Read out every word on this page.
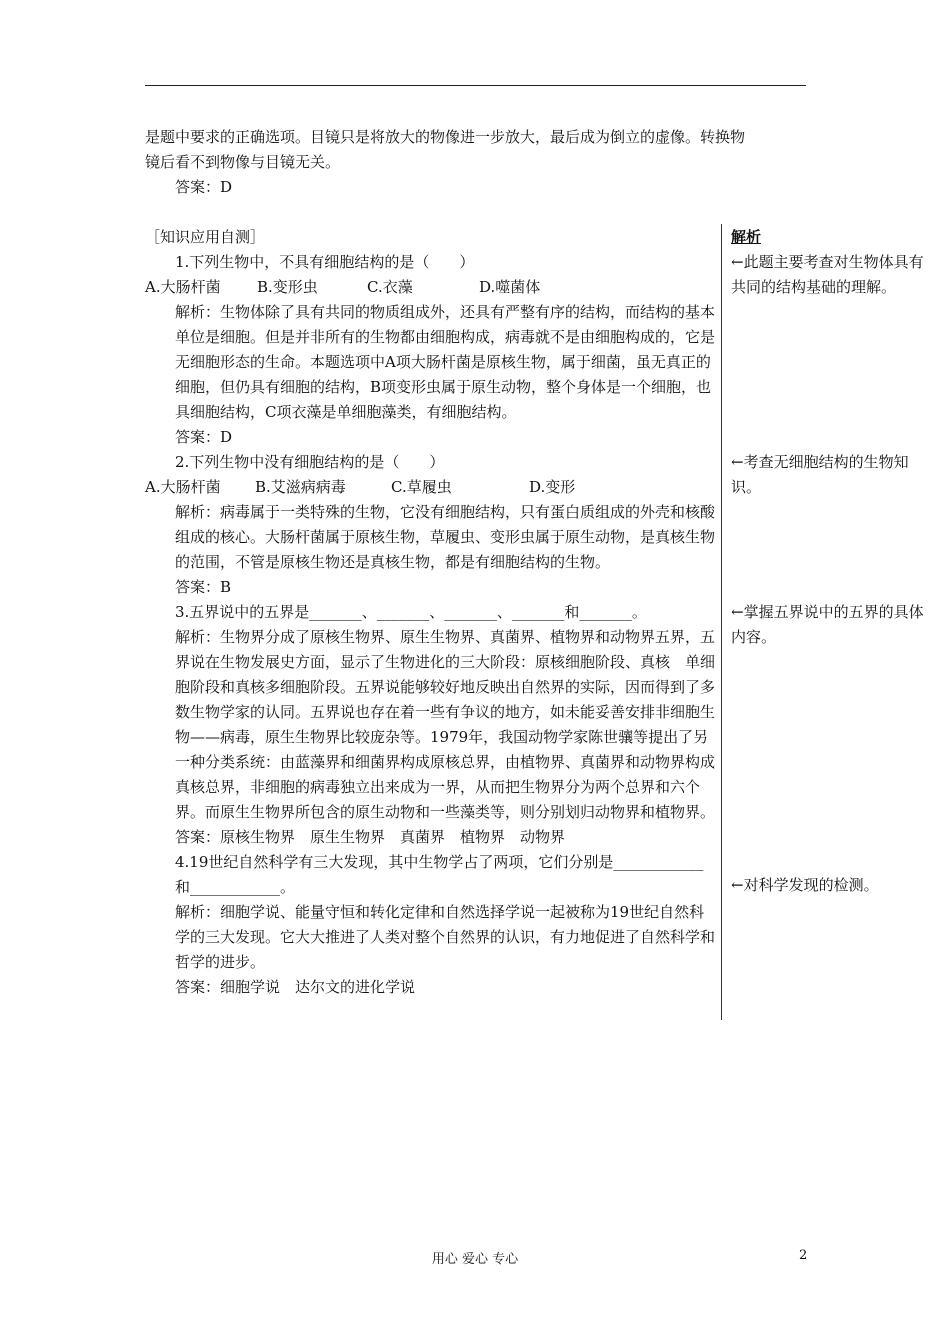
是题中要求的正确选项。目镜只是将放大的物像进一步放大，最后成为倒立的虚像。转换物

镜后看不到物像与目镜无关。

答案：D

［知识应用自测］

1.下列生物中，不具有细胞结构的是（　　）

A.大肠杆菌 B.变形虫	C.衣藻	D.噬菌体

解析：生物体除了具有共同的物质组成外，还具有严整有序的结构，而结构的基本单位是细胞。但是并非所有的生物都由细胞构成，病毒就不是由细胞构成的，它是无细胞形态的生命。本题选项中A项大肠杆菌是原核生物，属于细菌，虽无真正的细胞，但仍具有细胞的结构，B项变形虫属于原生动物，整个身体是一个细胞，也具细胞结构，C项衣藻是单细胞藻类，有细胞结构。

答案：D

2.下列生物中没有细胞结构的是（　　）

A.大肠杆菌 B.艾滋病病毒	C.草履虫	D.变形

解析：病毒属于一类特殊的生物，它没有细胞结构，只有蛋白质组成的外壳和核酸组成的核心。大肠杆菌属于原核生物，草履虫、变形虫属于原生动物，是真核生物的范围，不管是原核生物还是真核生物，都是有细胞结构的生物。

答案：B

3.五界说中的五界是_______、_______、_______、_______和_______。

解析：生物界分成了原核生物界、原生生物界、真菌界、植物界和动物界五界，五界说在生物发展史方面，显示了生物进化的三大阶段：原核细胞阶段、真核　单细胞阶段和真核多细胞阶段。五界说能够较好地反映出自然界的实际，因而得到了多数生物学家的认同。五界说也存在着一些有争议的地方，如未能妥善安排非细胞生物——病毒，原生生物界比较庞杂等。1979年，我国动物学家陈世骧等提出了另一种分类系统：由蓝藻界和细菌界构成原核总界，由植物界、真菌界和动物界构成真核总界，非细胞的病毒独立出来成为一界，从而把生物界分为两个总界和六个界。而原生生物界所包含的原生动物和一些藻类等，则分别划归动物界和植物界。

答案：原核生物界　原生生物界　真菌界　植物界　动物界

4.19世纪自然科学有三大发现，其中生物学占了两项，它们分别是____________和____________。

解析：细胞学说、能量守恒和转化定律和自然选择学说一起被称为19世纪自然科学的三大发现。它大大推进了人类对整个自然界的认识，有力地促进了自然科学和哲学的进步。

答案：细胞学说　达尔文的进化学说

解析
←此题主要考查对生物体具有共同的结构基础的理解。
←考查无细胞结构的生物知识。
←掌握五界说中的五界的具体内容。
←对科学发现的检测。
用心 爱心 专心	2
